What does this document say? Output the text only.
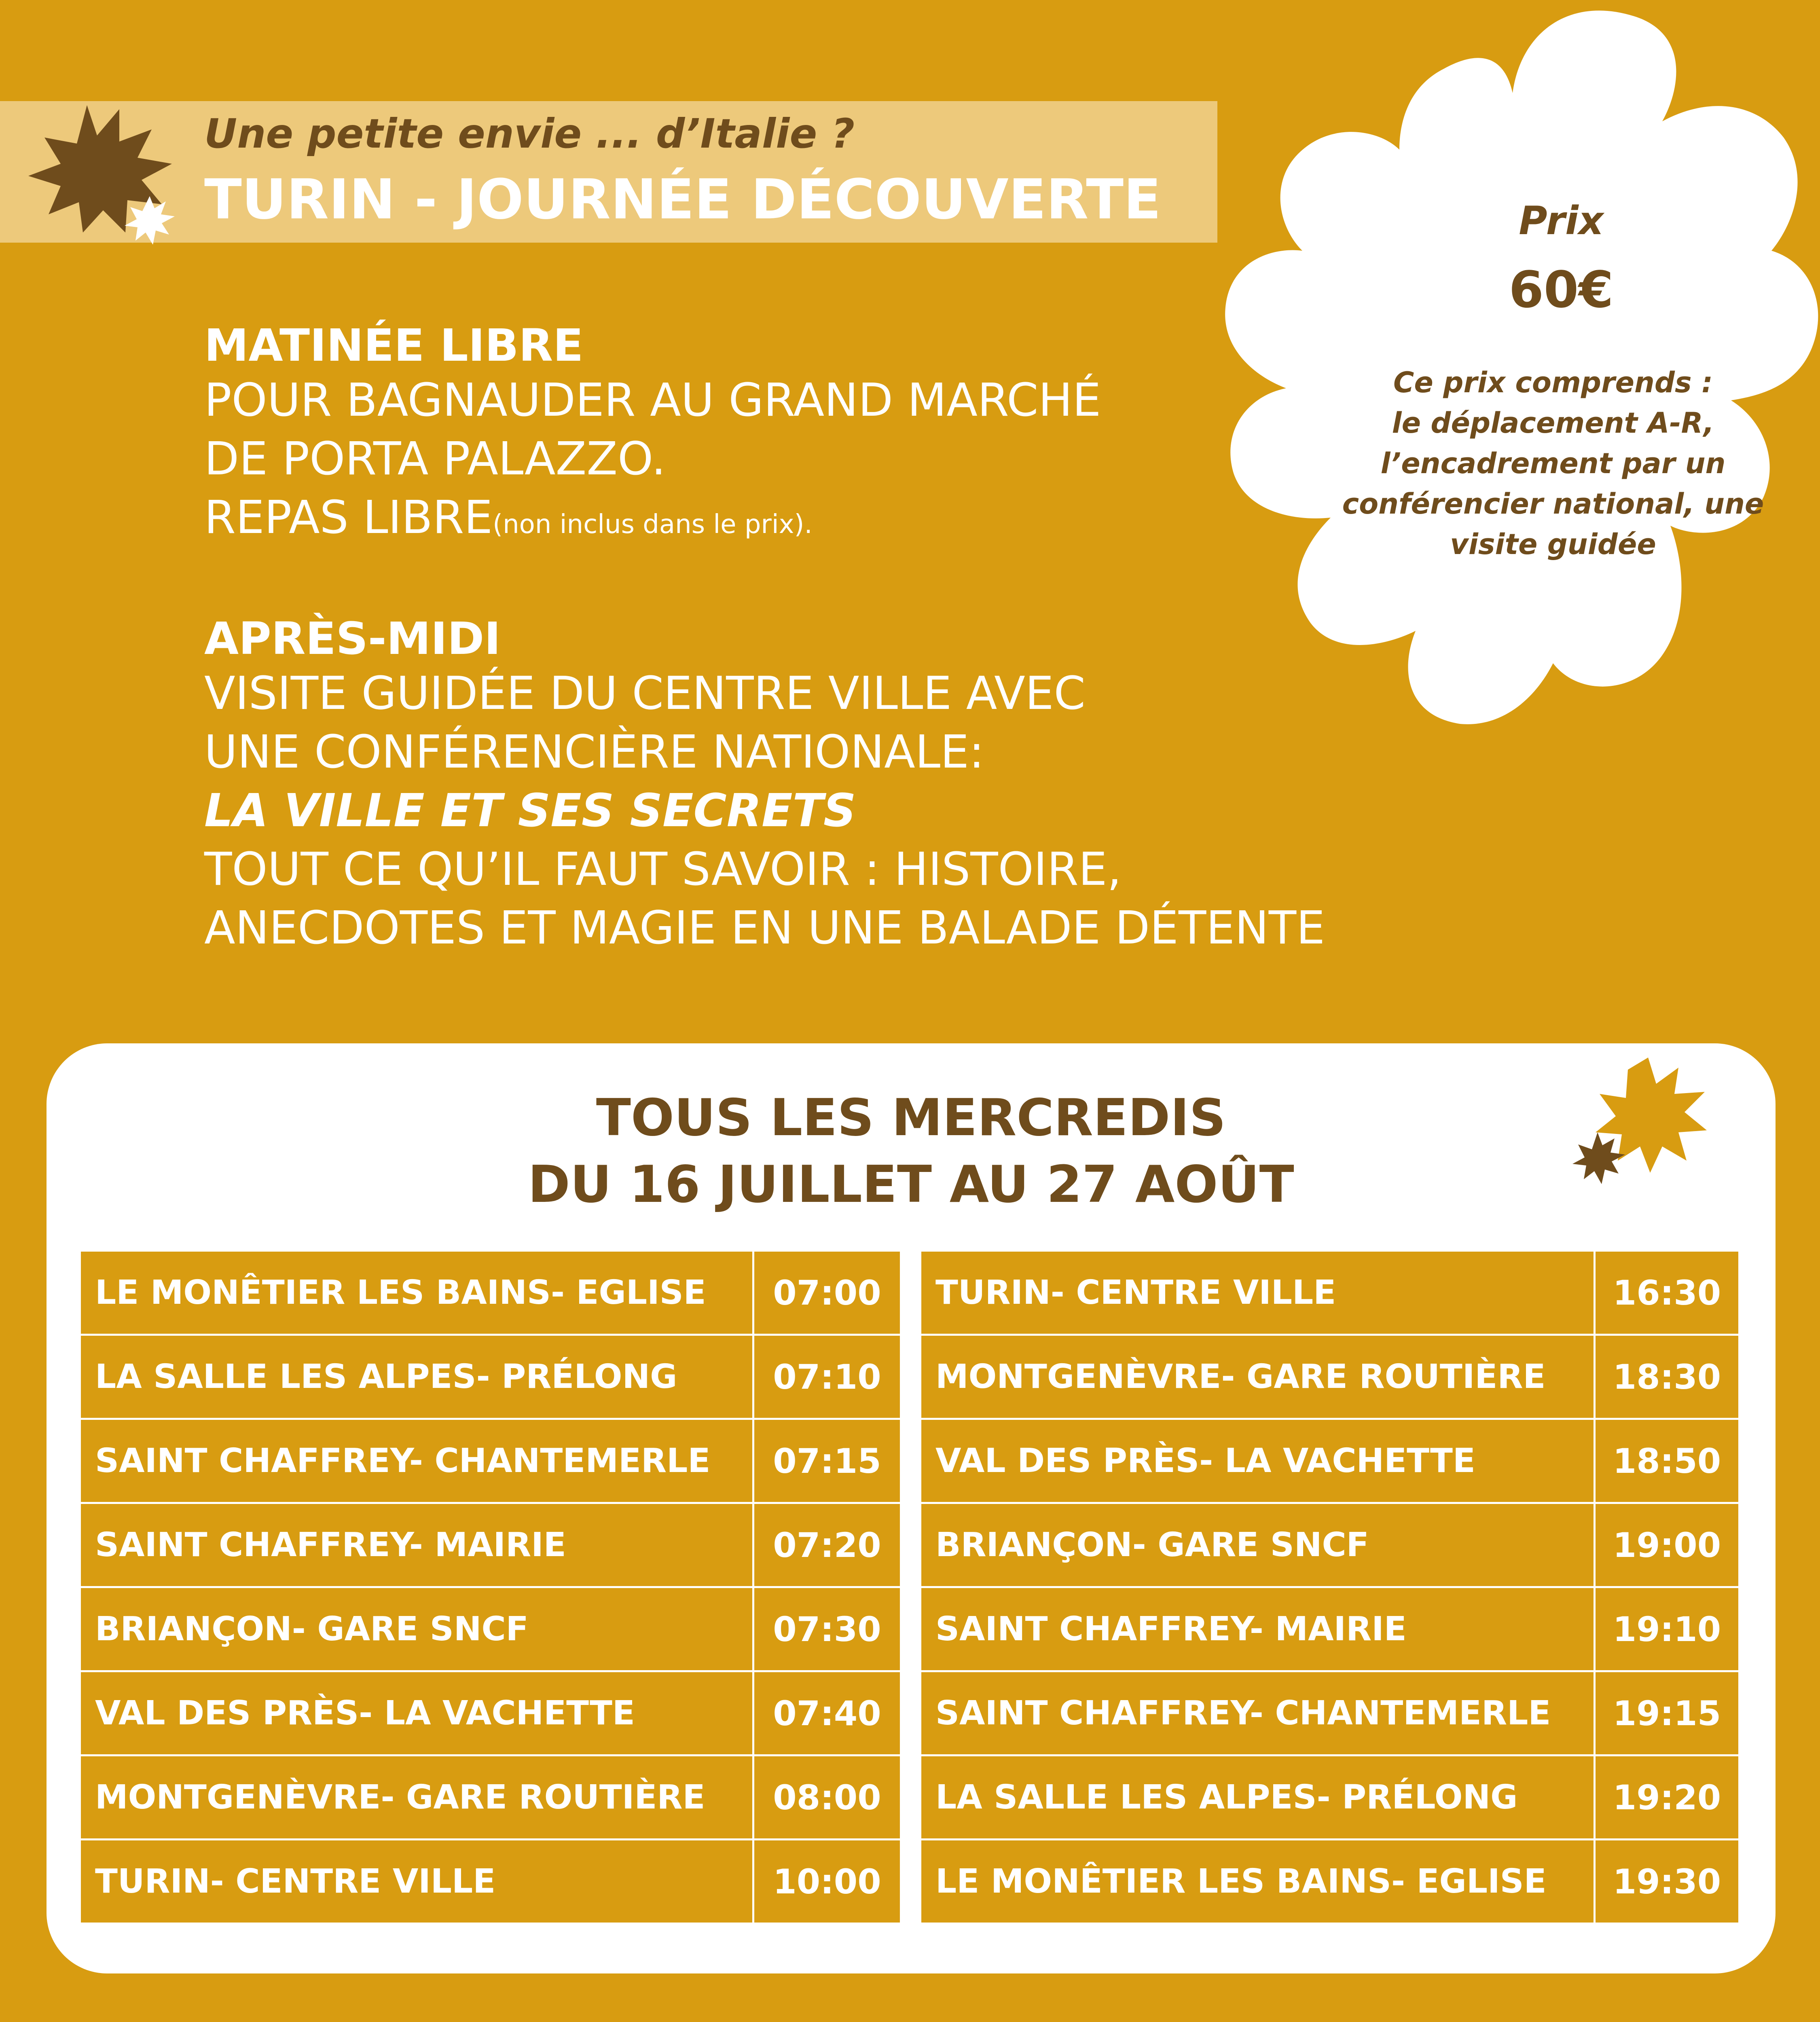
Une petite envie ... d’Italie ?
TURIN - JOURNÉE DÉCOUVERTE
MATINÉE LIBRE
POUR BAGNAUDER AU GRAND MARCHÉ
DE PORTA PALAZZO.
REPAS LIBRE(non inclus dans le prix).
APRÈS-MIDI
VISITE GUIDÉE DU CENTRE VILLE AVEC
UNE CONFÉRENCIÈRE NATIONALE:
LA VILLE ET SES SECRETS
TOUT CE QU’IL FAUT SAVOIR : HISTOIRE,
ANECDOTES ET MAGIE EN UNE BALADE DÉTENTE
Prix
60€
Ce prix comprends :
le déplacement A-R,
l’encadrement par un
conférencier national, une
visite guidée
TOUS LES MERCREDIS
DU 16 JUILLET AU 27 AOÛT
LE MONÊTIER LES BAINS- EGLISE	07:00
LA SALLE LES ALPES- PRÉLONG	07:10
SAINT CHAFFREY- CHANTEMERLE	07:15
SAINT CHAFFREY- MAIRIE	07:20
BRIANÇON- GARE SNCF	07:30
VAL DES PRÈS- LA VACHETTE	07:40
MONTGENÈVRE- GARE ROUTIÈRE	08:00
TURIN- CENTRE VILLE	10:00
TURIN- CENTRE VILLE	16:30
MONTGENÈVRE- GARE ROUTIÈRE	18:30
VAL DES PRÈS- LA VACHETTE	18:50
BRIANÇON- GARE SNCF	19:00
SAINT CHAFFREY- MAIRIE	19:10
SAINT CHAFFREY- CHANTEMERLE	19:15
LA SALLE LES ALPES- PRÉLONG	19:20
LE MONÊTIER LES BAINS- EGLISE	19:30
